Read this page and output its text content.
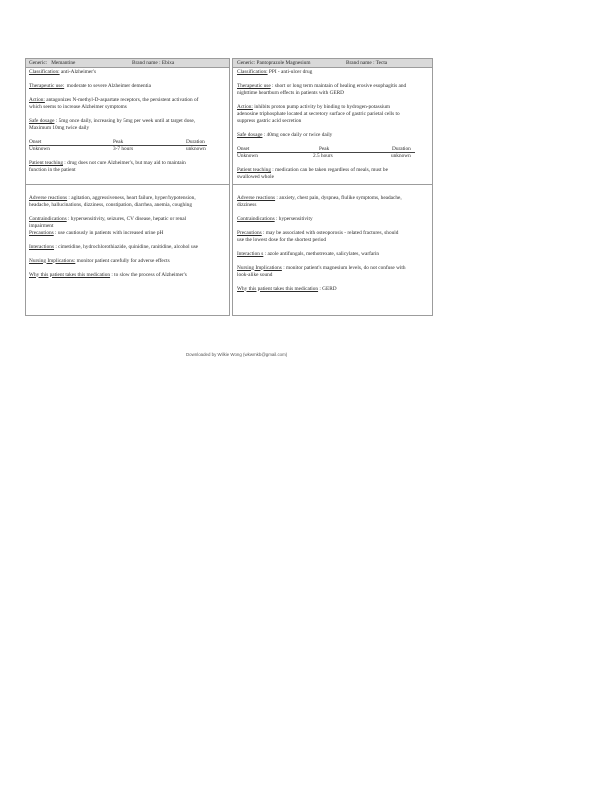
Generic:   Memantine

	Brand name : Ebixa

Classification: anti-Alzheimer's

Therapeutic use:  moderate to severe Alzheimer dementia

Action: antagonizes N-methyl-D-aspartate receptors, the persistent activation of
which seems to increase Alzheimer symptoms

Safe dosage : 5mg once daily, increasing by 5mg per week until at target dose,
Maximum 10mg twice daily

Onset	Peak	Duration
Unknown	3-7 hours	unknown

Patient teaching : drug does not cure Alzheimer's, but may aid to maintain
function in the patient

Adverse reactions : agitation, aggressiveness, heart failure, hyper/hypotension,
headache, hallucinations, dizziness, constipation, diarrhea, anemia, coughing

Contraindications : hypersensitivity, seizures, CV disease, hepatic or renal
impairment

Precautions : use cautiously in patients with increased urine pH

Interactions : cimetidine, hydrochlorothiazide, quinidine, ranitidine, alcohol use

Nursing Implications: monitor patient carefully for adverse effects

Why this patient takes this medication : to slow the process of Alzheimer's

Generic: Pantoprazole Magnesium

	Brand name : Tecta

Classification: PPI - anti-ulcer drug

Therapeutic use : short or long term maintain of healing erosive esophagitis and
nighttime heartburn effects in patients with GERD

Action: inhibits proton pump activity by binding to hydrogen-potassium
adenosine triphosphate located at secretory surface of gastric parietal cells to
suppress gastric acid secretion

Safe dosage : 40mg once daily or twice daily

Onset	Peak	Duration
Unknown	2.5 hours	unknown

Patient teaching : medication can be taken regardless of meals, must be
swallowed whole

Adverse reactions : anxiety, chest pain, dyspnea, flulike symptoms, headache,
dizziness

Contraindications : hypersensitivity

Precautions : may be associated with osteoporosis - related fractures, should
use the lowest dose for the shortest period

Interaction s : azole antifungals, methotrexate, salicylates, warfarin

Nursing Implications : monitor patient's magnesium levels, do not confuse with
look-alike sound

Why this patient takes this medication : GERD

Downloaded by Wilkie Wong (wkwmkb@gmail.com)
